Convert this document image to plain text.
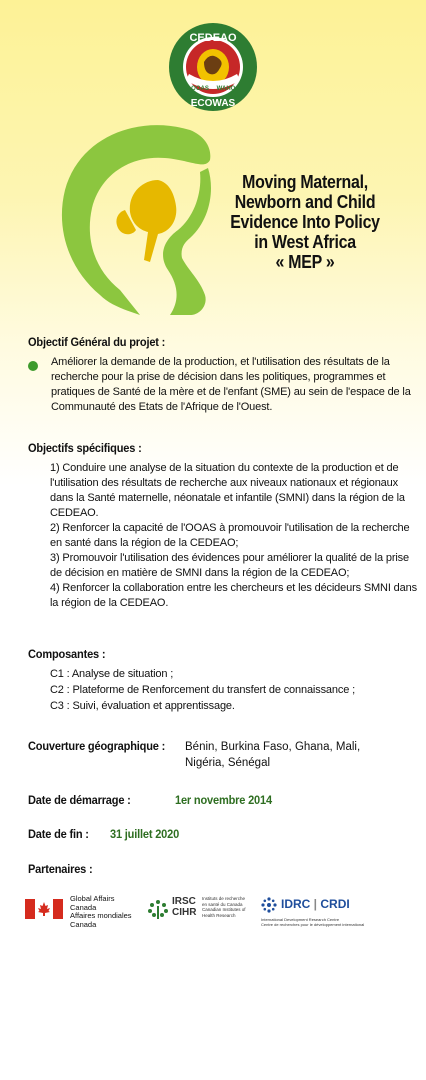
CEDEAO
ECOWAS
OOAS WAHO
Moving Maternal,
Newborn and Child
Evidence Into Policy
in West Africa
« MEP »
Objectif Général du projet :
Améliorer la demande de la production, et l'utilisation des résultats de la recherche pour la prise de décision dans les politiques, programmes et pratiques de Santé de la mère et de l'enfant (SME) au sein de l'espace de la Communauté des Etats de l'Afrique de l'Ouest.
Objectifs spécifiques :
1) Conduire une analyse de la situation du contexte de la production et de l'utilisation des résultats de recherche aux niveaux nationaux et régionaux dans la Santé maternelle, néonatale et infantile (SMNI) dans la région de la CEDEAO.
2) Renforcer la capacité de l'OOAS à promouvoir l'utilisation de la recherche en santé dans la région de la CEDEAO;
3) Promouvoir l'utilisation des évidences pour améliorer la qualité de la prise de décision en matière de SMNI dans la région de la CEDEAO;
4) Renforcer la collaboration entre les chercheurs et les décideurs SMNI dans la région de la CEDEAO.
Composantes :
C1 : Analyse de situation ;
C2 : Plateforme de Renforcement du transfert de connaissance ;
C3 : Suivi, évaluation et apprentissage.
Couverture géographique : Bénin, Burkina Faso, Ghana, Mali,
Nigéria, Sénégal
Date de démarrage :	1er novembre 2014
Date de fin : 31 juillet 2020
Partenaires :
Global Affairs
Canada
Affaires mondiales
Canada
IRSC
CIHR
Instituts de recherche
en santé du Canada
Canadian Institutes of
Health Research
IDRC | CRDI
International Development Research Centre
Centre de recherches pour le développement international
